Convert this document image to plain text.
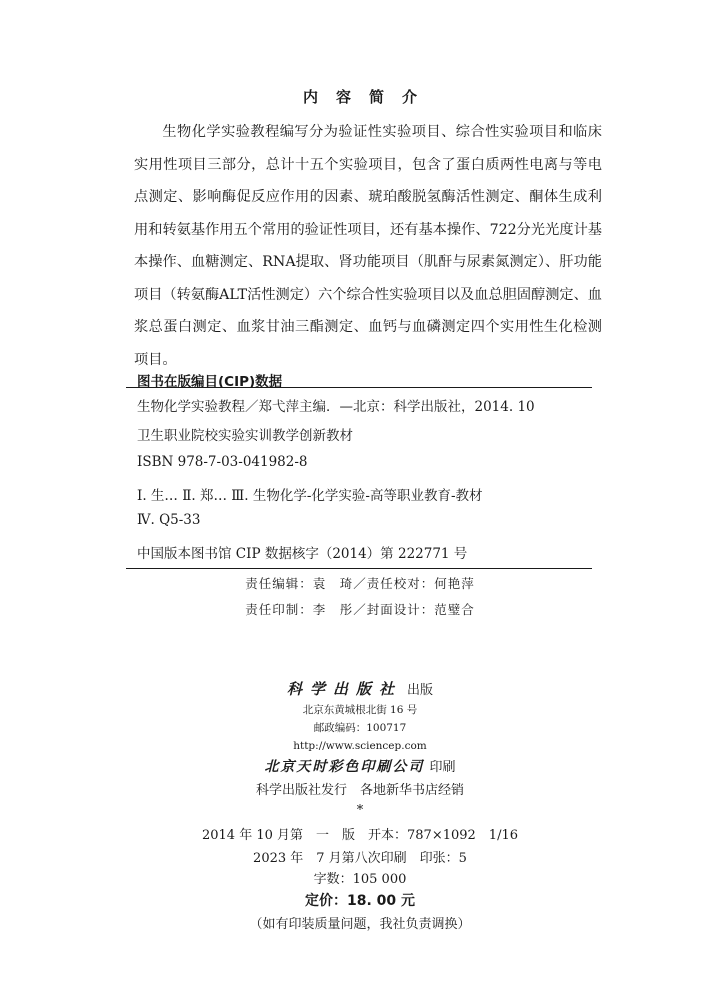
内容简介

生物化学实验教程编写分为验证性实验项目、综合性实验项目和临床实用性项目三部分，总计十五个实验项目，包含了蛋白质两性电离与等电点测定、影响酶促反应作用的因素、琥珀酸脱氢酶活性测定、酮体生成利用和转氨基作用五个常用的验证性项目，还有基本操作、722分光光度计基本操作、血糖测定、RNA提取、肾功能项目（肌酐与尿素氮测定）、肝功能项目（转氨酶ALT活性测定）六个综合性实验项目以及血总胆固醇测定、血浆总蛋白测定、血浆甘油三酯测定、血钙与血磷测定四个实用性生化检测项目。

图书在版编目(CIP)数据
生物化学实验教程／郑弋萍主编．—北京：科学出版社，2014. 10
卫生职业院校实验实训教学创新教材
ISBN 978-7-03-041982-8
Ⅰ. 生… Ⅱ. 郑… Ⅲ. 生物化学-化学实验-高等职业教育-教材
Ⅳ. Q5-33
中国版本图书馆 CIP 数据核字（2014）第 222771 号
责任编辑：袁　琦／责任校对：何艳萍
责任印制：李　彤／封面设计：范璧合
科学出版社 出版
北京东黄城根北街 16 号
邮政编码：100717
http://www.sciencep.com
北京天时彩色印刷公司 印刷
科学出版社发行　各地新华书店经销
*
2014 年 10 月第　一　版　开本：787×1092　1/16
2023 年　7 月第八次印刷　印张：5
字数：105 000
定价：18. 00 元
（如有印装质量问题，我社负责调换）
